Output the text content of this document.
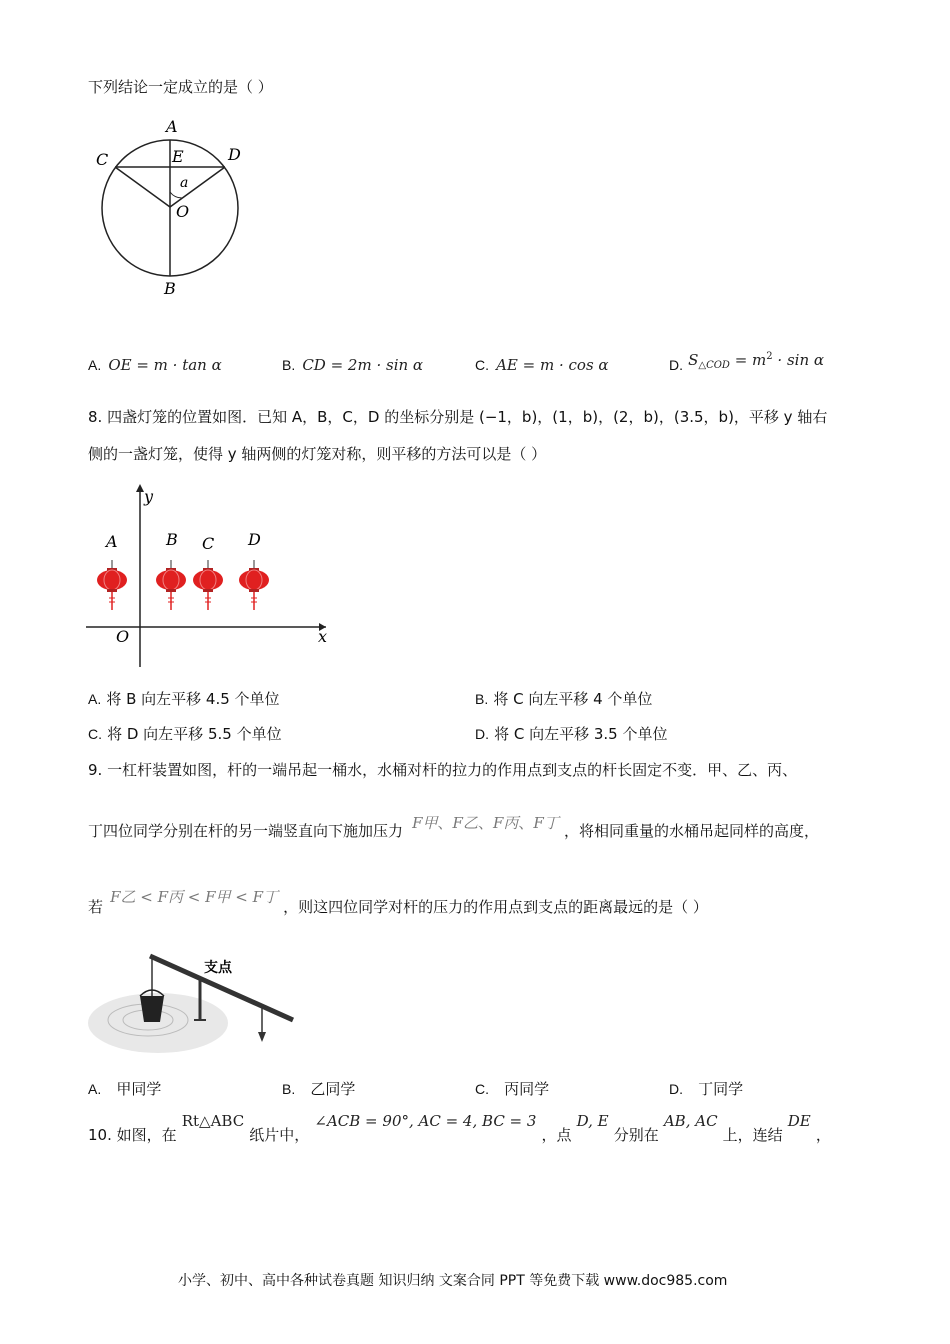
下列结论一定成立的是（ ）
A
B
C	D
E
O
a
A. OE = m · tan α	B. CD = 2m · sin α	C. AE = m · cos α	D. $S_{\triangle COD} = m^2 \cdot \sin \alpha$
8. 四盏灯笼的位置如图．已知 A，B，C，D 的坐标分别是 (−1，b)，(1，b)，(2，b)，(3.5，b)，平移 y 轴右
侧的一盏灯笼，使得 y 轴两侧的灯笼对称，则平移的方法可以是（ ）
y
x
O
A	B C D
A. 将 B 向左平移 4.5 个单位	B. 将 C 向左平移 4 个单位
C. 将 D 向左平移 5.5 个单位	D. 将 C 向左平移 3.5 个单位
9. 一杠杆装置如图，杆的一端吊起一桶水，水桶对杆的拉力的作用点到支点的杆长固定不变．甲、乙、丙、
丁四位同学分别在杆的另一端竖直向下施加压力 F甲、F乙、F丙、F丁 ，将相同重量的水桶吊起同样的高度，
若 F乙 < F丙 < F甲 < F丁 ，则这四位同学对杆的压力的作用点到支点的距离最远的是（ ）
支点
A. 甲同学	B. 乙同学	C. 丙同学	D. 丁同学
10. 如图，在 Rt△ABC 纸片中， ∠ACB = 90°, AC = 4, BC = 3 ，点 D, E 分别在 AB, AC 上，连结 DE ，
小学、初中、高中各种试卷真题 知识归纳 文案合同 PPT 等免费下载 www.doc985.com
